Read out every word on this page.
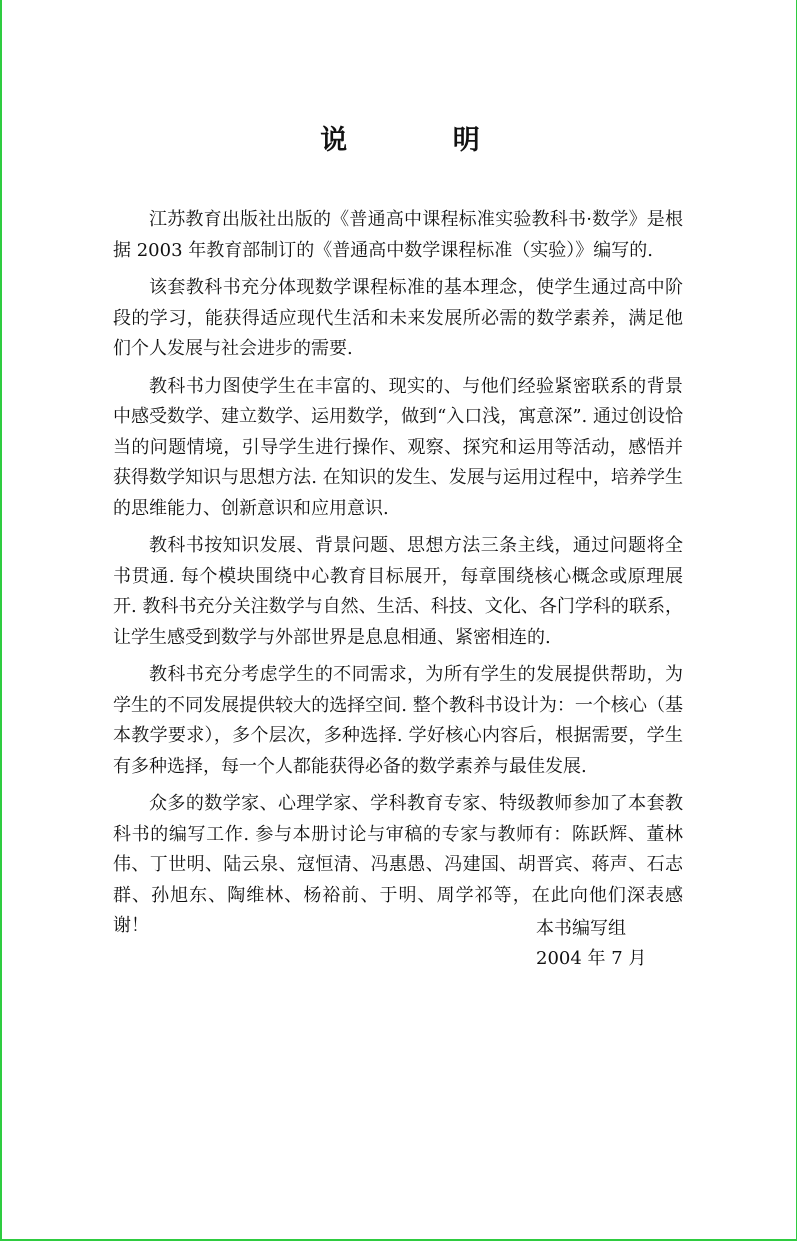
说 明

江苏教育出版社出版的《普通高中课程标准实验教科书·数学》是根据 2003 年教育部制订的《普通高中数学课程标准（实验）》编写的.

该套教科书充分体现数学课程标准的基本理念，使学生通过高中阶段的学习，能获得适应现代生活和未来发展所必需的数学素养，满足他们个人发展与社会进步的需要.

教科书力图使学生在丰富的、现实的、与他们经验紧密联系的背景中感受数学、建立数学、运用数学，做到“入口浅，寓意深”. 通过创设恰当的问题情境，引导学生进行操作、观察、探究和运用等活动，感悟并获得数学知识与思想方法. 在知识的发生、发展与运用过程中，培养学生的思维能力、创新意识和应用意识.

教科书按知识发展、背景问题、思想方法三条主线，通过问题将全书贯通. 每个模块围绕中心教育目标展开，每章围绕核心概念或原理展开. 教科书充分关注数学与自然、生活、科技、文化、各门学科的联系，让学生感受到数学与外部世界是息息相通、紧密相连的.

教科书充分考虑学生的不同需求，为所有学生的发展提供帮助，为学生的不同发展提供较大的选择空间. 整个教科书设计为：一个核心（基本教学要求），多个层次，多种选择. 学好核心内容后，根据需要，学生有多种选择，每一个人都能获得必备的数学素养与最佳发展.

众多的数学家、心理学家、学科教育专家、特级教师参加了本套教科书的编写工作. 参与本册讨论与审稿的专家与教师有：陈跃辉、董林伟、丁世明、陆云泉、寇恒清、冯惠愚、冯建国、胡晋宾、蒋声、石志群、孙旭东、陶维林、杨裕前、于明、周学祁等，在此向他们深表感谢！	本书编写组
2004 年 7 月
